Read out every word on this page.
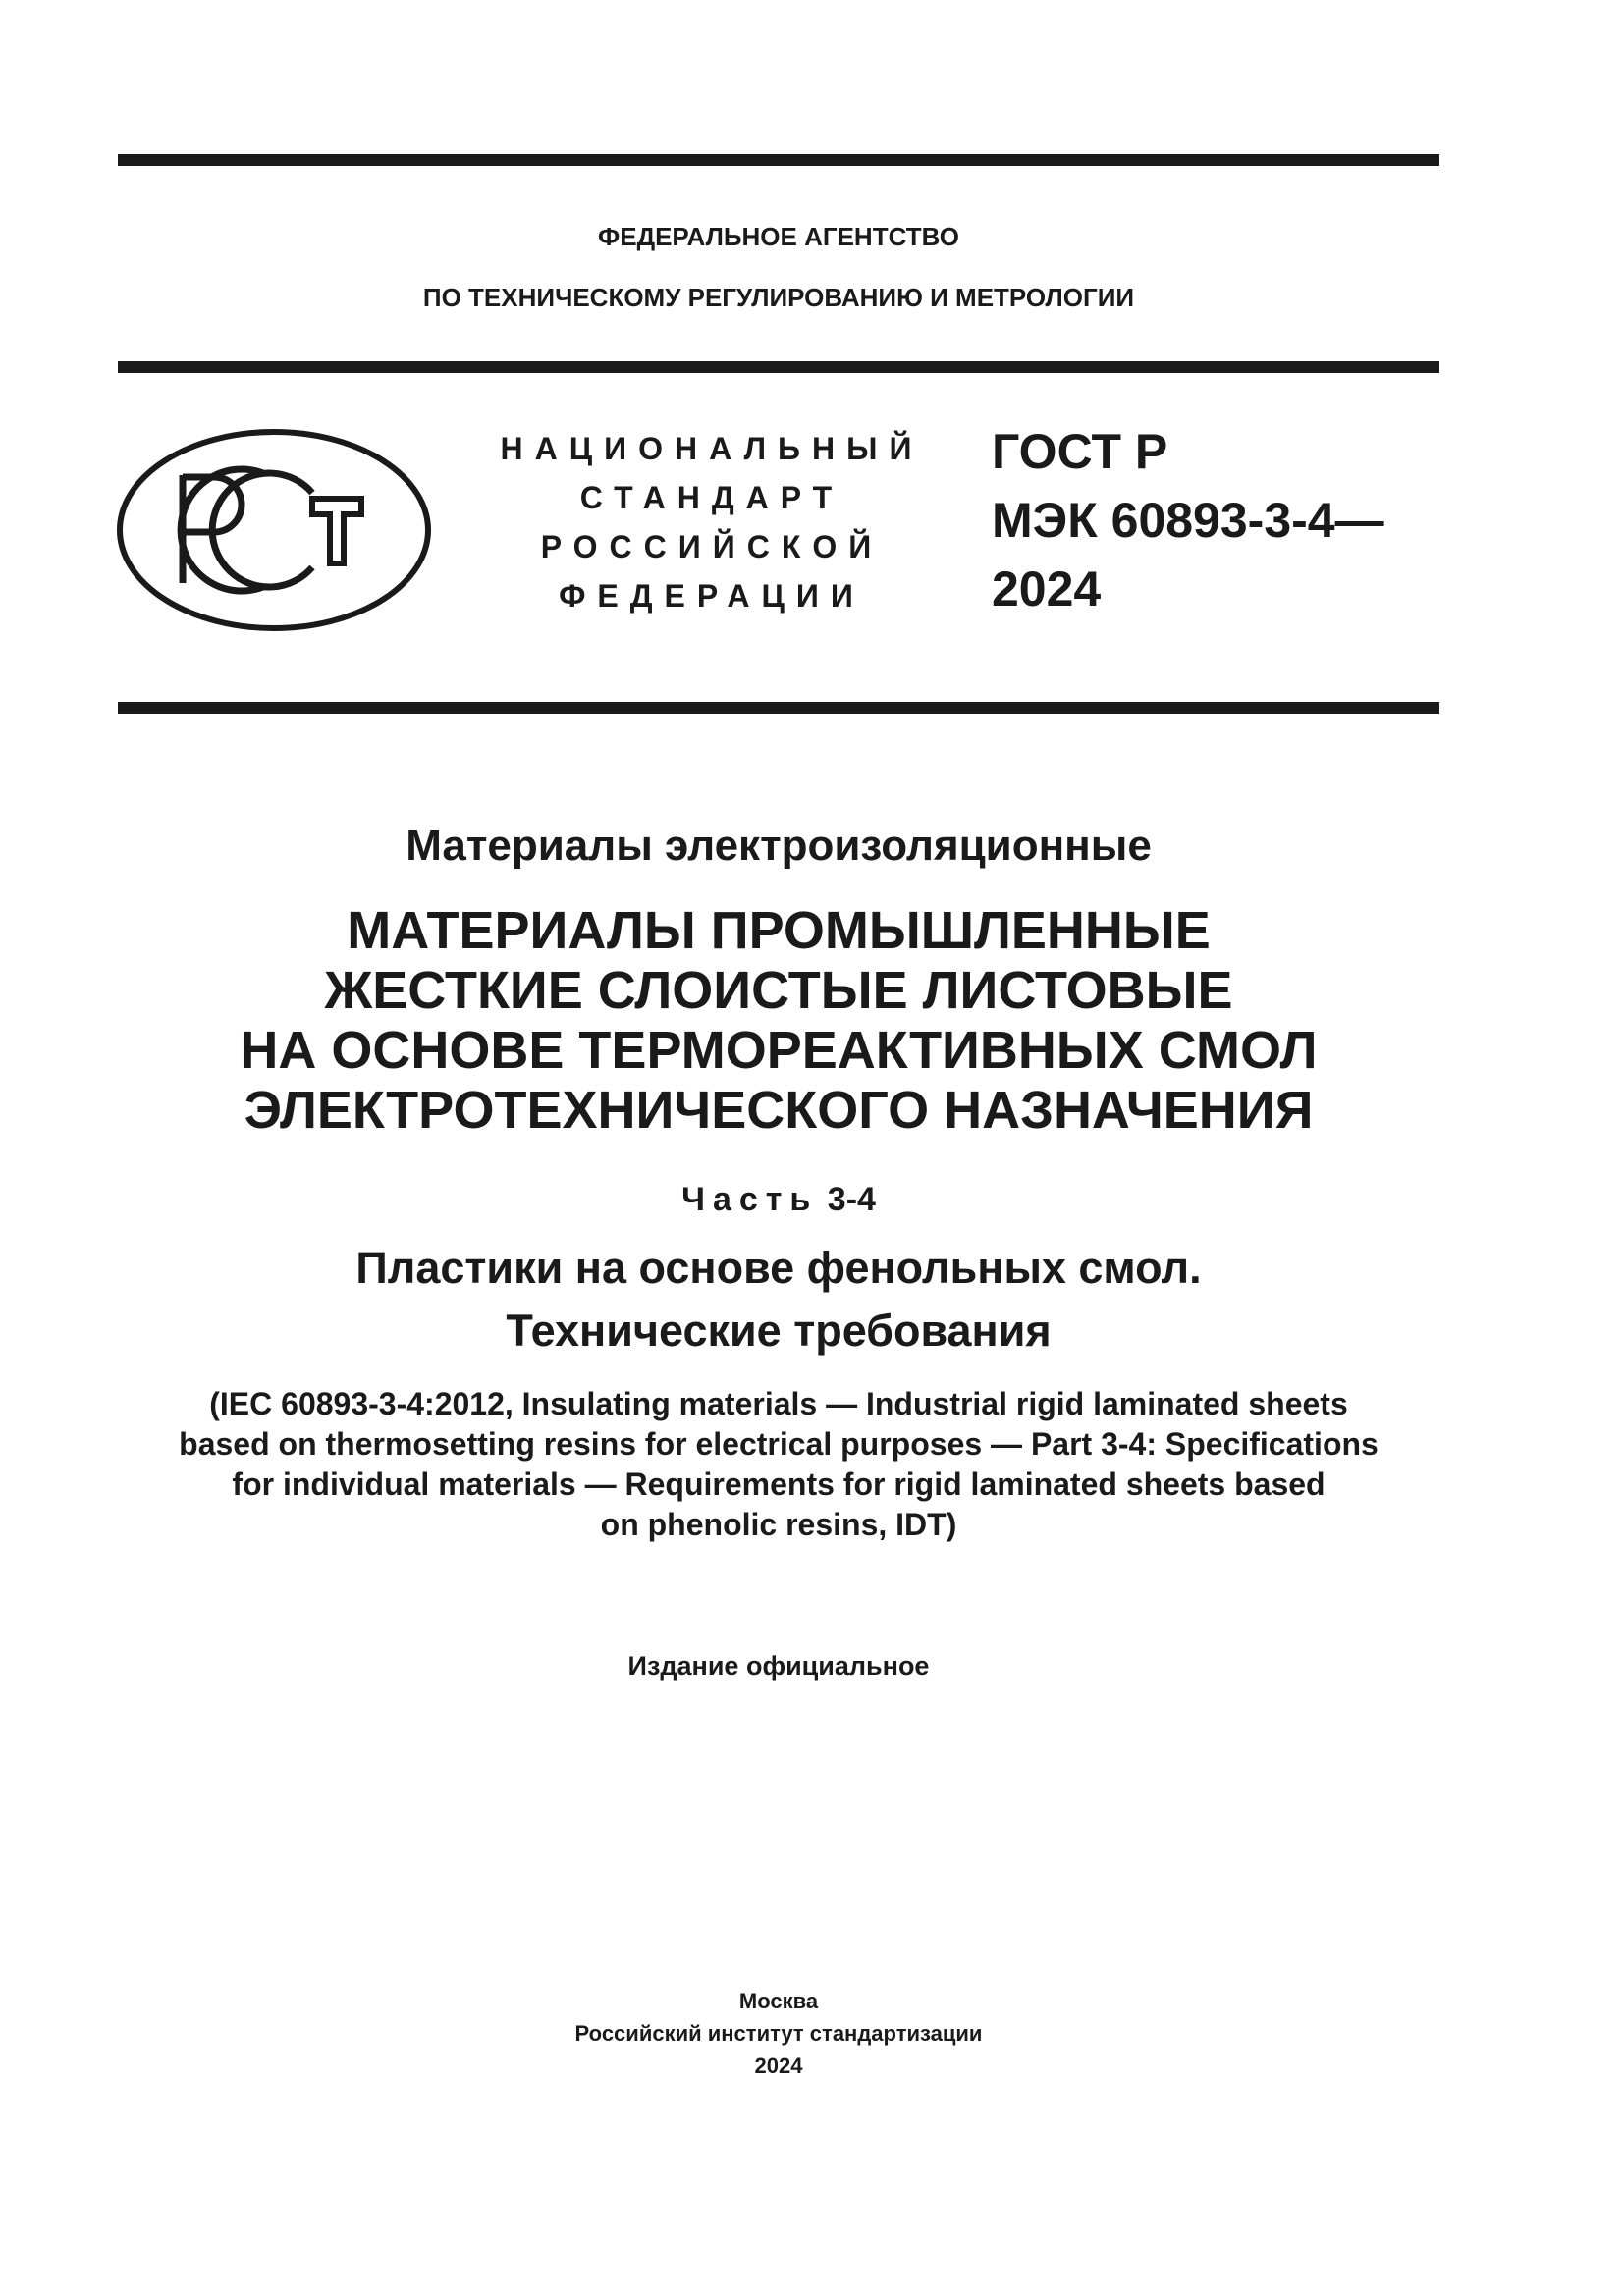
ФЕДЕРАЛЬНОЕ АГЕНТСТВО
ПО ТЕХНИЧЕСКОМУ РЕГУЛИРОВАНИЮ И МЕТРОЛОГИИ
НАЦИОНАЛЬНЫЙ
СТАНДАРТ
РОССИЙСКОЙ
ФЕДЕРАЦИИ
ГОСТ Р
МЭК 60893-3-4—
2024
Материалы электроизоляционные
МАТЕРИАЛЫ ПРОМЫШЛЕННЫЕ
ЖЕСТКИЕ СЛОИСТЫЕ ЛИСТОВЫЕ
НА ОСНОВЕ ТЕРМОРЕАКТИВНЫХ СМОЛ
ЭЛЕКТРОТЕХНИЧЕСКОГО НАЗНАЧЕНИЯ
Часть 3-4
Пластики на основе фенольных смол.
Технические требования
(IEC 60893-3-4:2012, Insulating materials — Industrial rigid laminated sheets
based on thermosetting resins for electrical purposes — Part 3-4: Specifications
for individual materials — Requirements for rigid laminated sheets based
on phenolic resins, IDT)
Издание официальное
Москва
Российский институт стандартизации
2024
